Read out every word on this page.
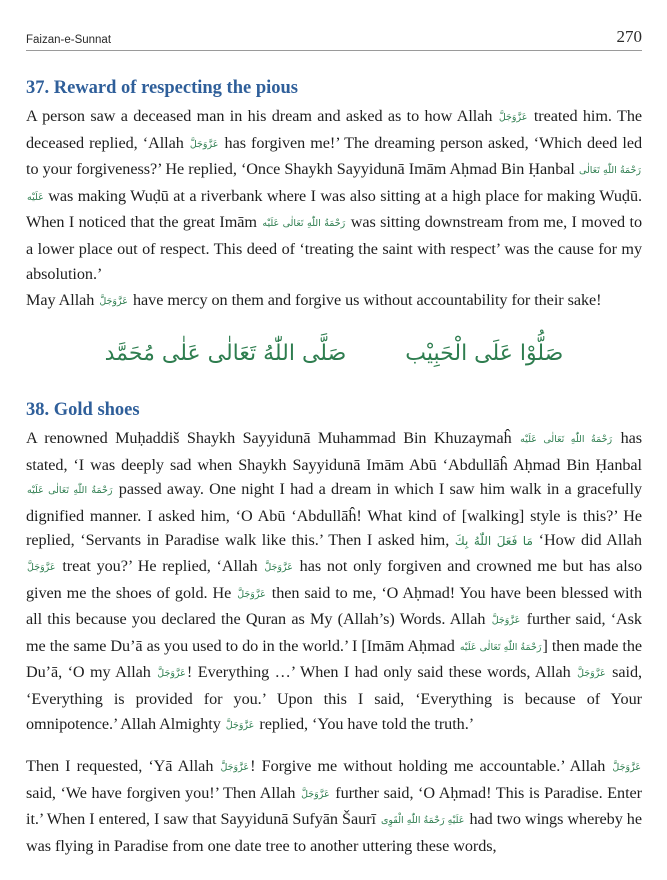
Faizan-e-Sunnat	270
37. Reward of respecting the pious
A person saw a deceased man in his dream and asked as to how Allah عَزَّوَجَلَّ treated him. The deceased replied, ‘Allah عَزَّوَجَلَّ has forgiven me!’ The dreaming person asked, ‘Which deed led to your forgiveness?’ He replied, ‘Once Shaykh Sayyidunā Imām Aḥmad Bin Ḥanbal رَحْمَةُ اللّٰهِ تَعَالٰی عَلَيْه was making Wuḍū at a riverbank where I was also sitting at a high place for making Wuḍū. When I noticed that the great Imām رَحْمَةُ اللّٰهِ تَعَالٰی عَلَيْه was sitting downstream from me, I moved to a lower place out of respect. This deed of ‘treating the saint with respect’ was the cause for my absolution.’
May Allah عَزَّوَجَلَّ have mercy on them and forgive us without accountability for their sake!
صَلُّوْا عَلَی الْحَبِيْب صَلَّی اللّٰهُ تَعَالٰی عَلٰی مُحَمَّد
38. Gold shoes
A renowned Muḥaddiš Shaykh Sayyidunā Muhammad Bin Khuzaymaĥ رَحْمَةُ اللّٰهِ تَعَالٰی عَلَيْه has stated, ‘I was deeply sad when Shaykh Sayyidunā Imām Abū ‘Abdullāĥ Aḥmad Bin Ḥanbal رَحْمَةُ اللّٰهِ تَعَالٰی عَلَيْه passed away. One night I had a dream in which I saw him walk in a gracefully dignified manner. I asked him, ‘O Abū ‘Abdullāĥ! What kind of [walking] style is this?’ He replied, ‘Servants in Paradise walk like this.’ Then I asked him, مَا فَعَلَ اللّٰهُ بِكَ ‘How did Allah عَزَّوَجَلَّ treat you?’ He replied, ‘Allah عَزَّوَجَلَّ has not only forgiven and crowned me but has also given me the shoes of gold. He عَزَّوَجَلَّ then said to me, ‘O Aḥmad! You have been blessed with all this because you declared the Quran as My (Allah’s) Words. Allah عَزَّوَجَلَّ further said, ‘Ask me the same Du’ā as you used to do in the world.’ I [Imām Aḥmad رَحْمَةُ اللّٰهِ تَعَالٰی عَلَيْه] then made the Du’ā, ‘O my Allah عَزَّوَجَلَّ! Everything …’ When I had only said these words, Allah عَزَّوَجَلَّ said, ‘Everything is provided for you.’ Upon this I said, ‘Everything is because of Your omnipotence.’ Allah Almighty عَزَّوَجَلَّ replied, ‘You have told the truth.’
Then I requested, ‘Yā Allah عَزَّوَجَلَّ! Forgive me without holding me accountable.’ Allah عَزَّوَجَلَّ said, ‘We have forgiven you!’ Then Allah عَزَّوَجَلَّ further said, ‘O Aḥmad! This is Paradise. Enter it.’ When I entered, I saw that Sayyidunā Sufyān Šaurī عَلَيْهِ رَحْمَةُ اللّٰهِ الْقَوِی had two wings whereby he was flying in Paradise from one date tree to another uttering these words,
